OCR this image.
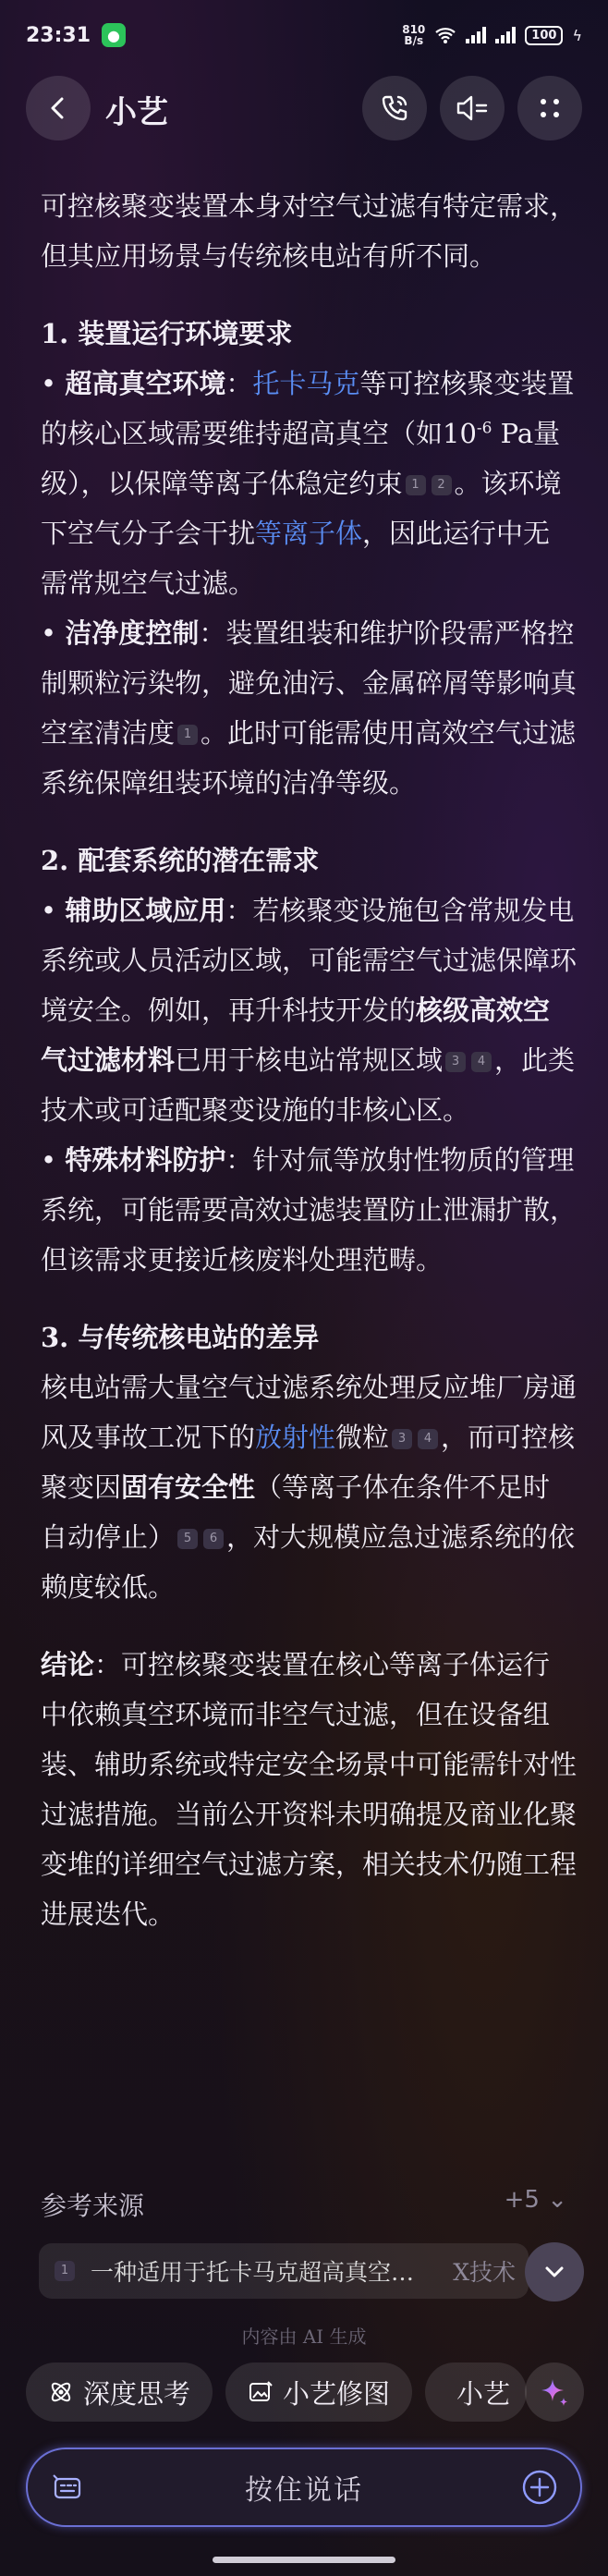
23:31	●	810
B/s	100	ϟ
小艺

可控核聚变装置本身对空气过滤有特定需求，但其应用场景与传统核电站有所不同。

1. 装置运行环境要求

• 超高真空环境：托卡马克等可控核聚变装置的核心区域需要维持超高真空（如$10^{-6}$ Pa量级），以保障等离子体稳定约束 1 2 。该环境下空气分子会干扰等离子体，因此运行中无需常规空气过滤。

• 洁净度控制：装置组装和维护阶段需严格控制颗粒污染物，避免油污、金属碎屑等影响真空室清洁度 1 。此时可能需使用高效空气过滤系统保障组装环境的洁净等级。

2. 配套系统的潜在需求

• 辅助区域应用：若核聚变设施包含常规发电系统或人员活动区域，可能需空气过滤保障环境安全。例如，再升科技开发的核级高效空气过滤材料已用于核电站常规区域 3 4 ，此类技术或可适配聚变设施的非核心区。

• 特殊材料防护：针对氚等放射性物质的管理系统，可能需要高效过滤装置防止泄漏扩散，但该需求更接近核废料处理范畴。

3. 与传统核电站的差异

核电站需大量空气过滤系统处理反应堆厂房通风及事故工况下的放射性微粒 3 4 ，而可控核聚变因固有安全性（等离子体在条件不足时自动停止） 5 6 ，对大规模应急过滤系统的依赖度较低。

结论：可控核聚变装置在核心等离子体运行中依赖真空环境而非空气过滤，但在设备组装、辅助系统或特定安全场景中可能需针对性过滤措施。当前公开资料未明确提及商业化聚变堆的详细空气过滤方案，相关技术仍随工程进展迭代。

参考来源	+5 ⌄
1 一种适用于托卡马克超高真空… X技术
内容由 AI 生成
深度思考	小艺修图 小艺
按住说话
